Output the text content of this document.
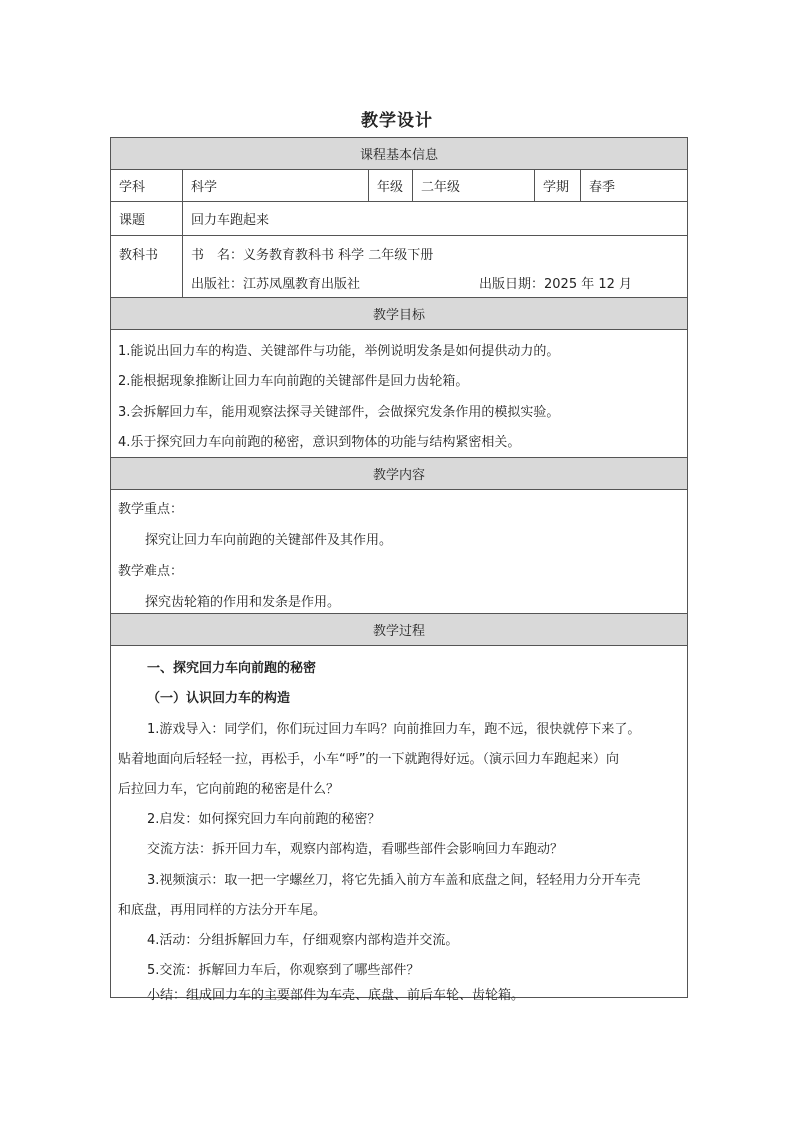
教学设计
课程基本信息
学科	科学	年级	二年级	学期	春季
课题	回力车跑起来
教科书	书　名：义务教育教科书 科学 二年级下册
出版社：江苏凤凰教育出版社	出版日期：2025 年 12 月
教学目标
1.能说出回力车的构造、关键部件与功能，举例说明发条是如何提供动力的。
2.能根据现象推断让回力车向前跑的关键部件是回力齿轮箱。
3.会拆解回力车，能用观察法探寻关键部件，会做探究发条作用的模拟实验。
4.乐于探究回力车向前跑的秘密，意识到物体的功能与结构紧密相关。
教学内容
教学重点：
探究让回力车向前跑的关键部件及其作用。
教学难点：
探究齿轮箱的作用和发条是作用。
教学过程
一、探究回力车向前跑的秘密
（一）认识回力车的构造
1.游戏导入：同学们，你们玩过回力车吗？向前推回力车，跑不远，很快就停下来了。
贴着地面向后轻轻一拉，再松手，小车“呼”的一下就跑得好远。（演示回力车跑起来）向
后拉回力车，它向前跑的秘密是什么？
2.启发：如何探究回力车向前跑的秘密？
交流方法：拆开回力车，观察内部构造，看哪些部件会影响回力车跑动？
3.视频演示：取一把一字螺丝刀，将它先插入前方车盖和底盘之间，轻轻用力分开车壳
和底盘，再用同样的方法分开车尾。
4.活动：分组拆解回力车，仔细观察内部构造并交流。
5.交流：拆解回力车后，你观察到了哪些部件？
小结：组成回力车的主要部件为车壳、底盘、前后车轮、齿轮箱。
